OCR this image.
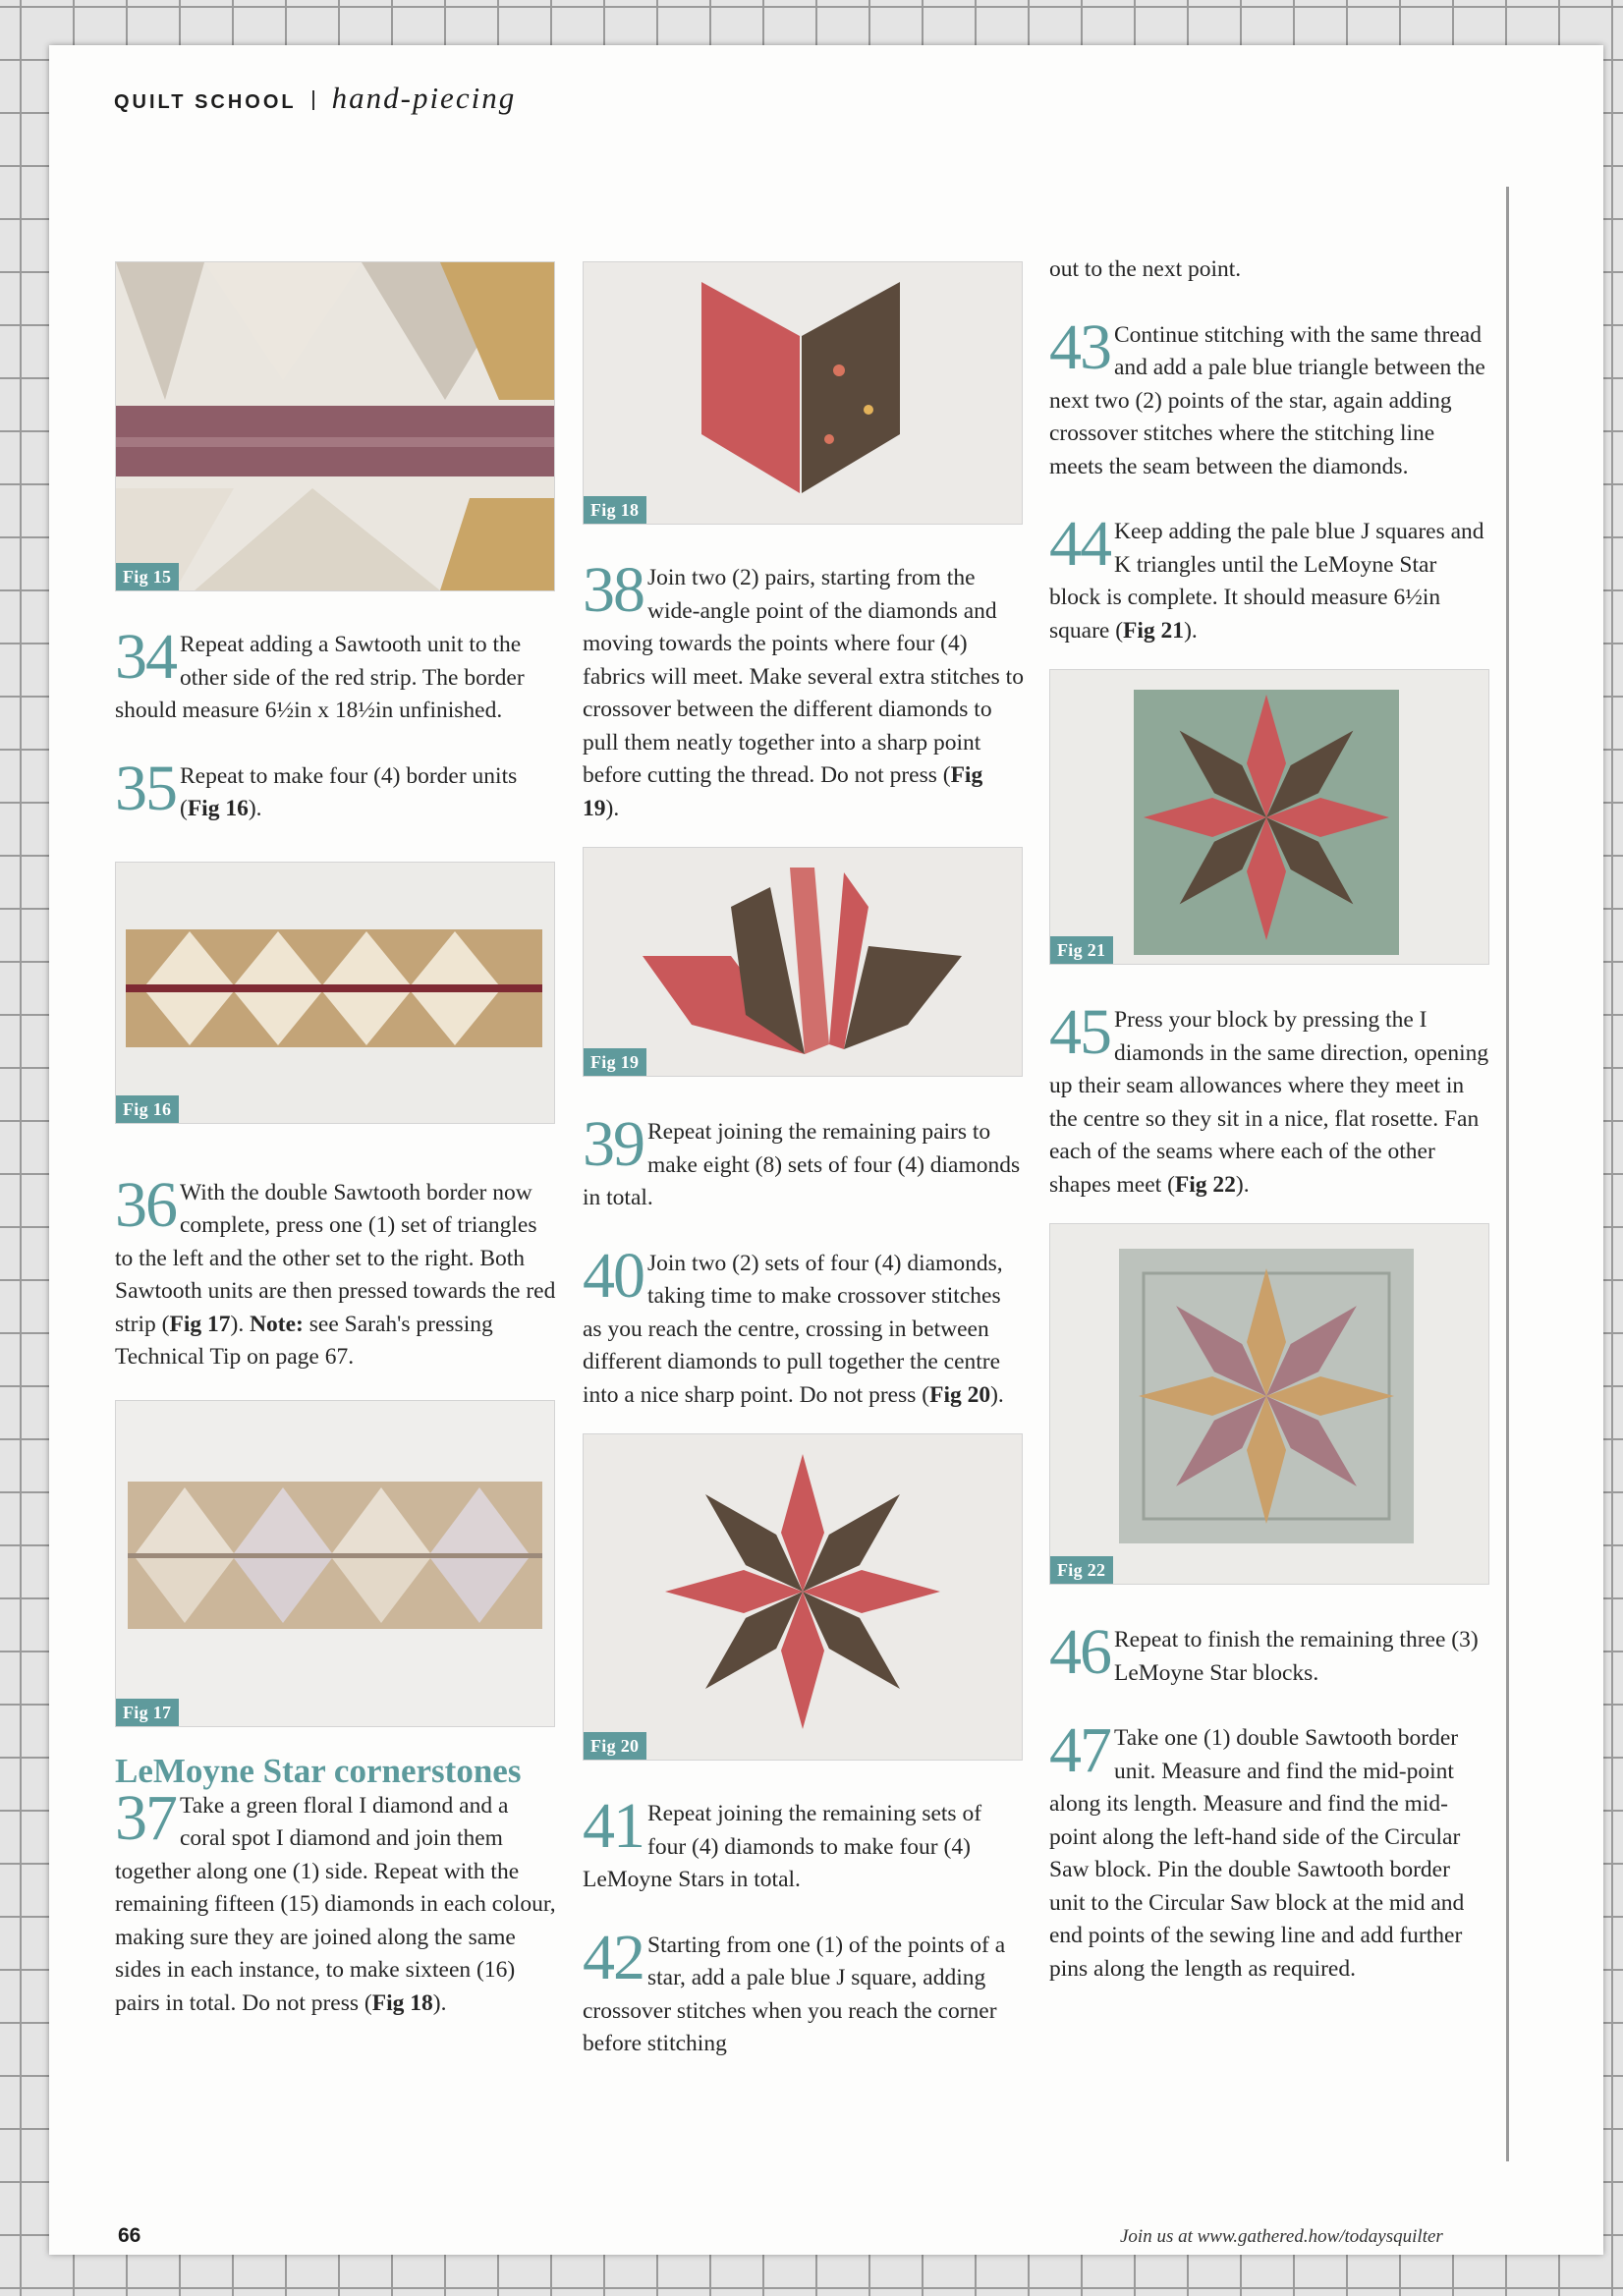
QUILT SCHOOL hand-piecing
Fig 15

34 Repeat adding a Sawtooth unit to the other side of the red strip. The border should measure 6½in x 18½in unfinished.

35 Repeat to make four (4) border units (Fig 16).

Fig 16

36 With the double Sawtooth border now complete, press one (1) set of triangles to the left and the other set to the right. Both Sawtooth units are then pressed towards the red strip (Fig 17). Note: see Sarah's pressing Technical Tip on page 67.

Fig 17
LeMoyne Star cornerstones

37 Take a green floral I diamond and a coral spot I diamond and join them together along one (1) side. Repeat with the remaining fifteen (15) diamonds in each colour, making sure they are joined along the same sides in each instance, to make sixteen (16) pairs in total. Do not press (Fig 18).

Fig 18

38 Join two (2) pairs, starting from the wide-angle point of the diamonds and moving towards the points where four (4) fabrics will meet. Make several extra stitches to crossover between the different diamonds to pull them neatly together into a sharp point before cutting the thread. Do not press (Fig 19).

Fig 19

39 Repeat joining the remaining pairs to make eight (8) sets of four (4) diamonds in total.

40 Join two (2) sets of four (4) diamonds, taking time to make crossover stitches as you reach the centre, crossing in between different diamonds to pull together the centre into a nice sharp point. Do not press (Fig 20).

Fig 20

41 Repeat joining the remaining sets of four (4) diamonds to make four (4) LeMoyne Stars in total.

42 Starting from one (1) of the points of a star, add a pale blue J square, adding crossover stitches when you reach the corner before stitching

out to the next point.

43 Continue stitching with the same thread and add a pale blue triangle between the next two (2) points of the star, again adding crossover stitches where the stitching line meets the seam between the diamonds.

44 Keep adding the pale blue J squares and K triangles until the LeMoyne Star block is complete. It should measure 6½in square (Fig 21).

Fig 21

45 Press your block by pressing the I diamonds in the same direction, opening up their seam allowances where they meet in the centre so they sit in a nice, flat rosette. Fan each of the seams where each of the other shapes meet (Fig 22).

Fig 22

46 Repeat to finish the remaining three (3) LeMoyne Star blocks.

47 Take one (1) double Sawtooth border unit. Measure and find the mid-point along its length. Measure and find the mid-point along the left-hand side of the Circular Saw block. Pin the double Sawtooth border unit to the Circular Saw block at the mid and end points of the sewing line and add further pins along the length as required.

66	Join us at www.gathered.how/todaysquilter
